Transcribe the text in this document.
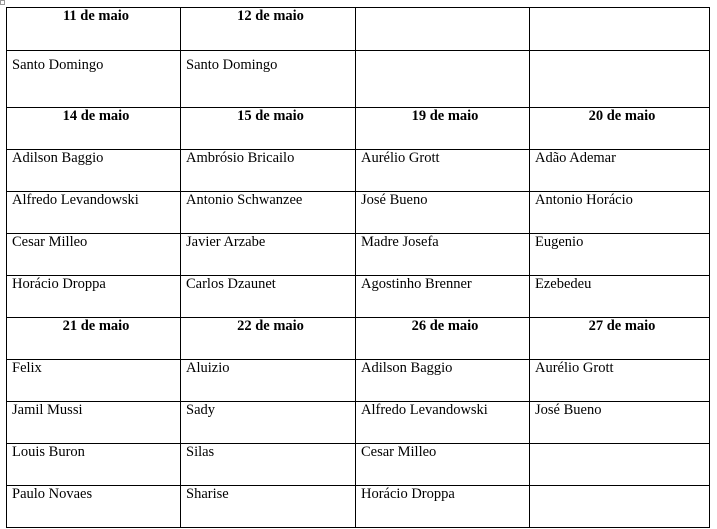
11 de maio	12 de maio		
Santo Domingo	Santo Domingo		
14 de maio	15 de maio	19 de maio	20 de maio
Adilson Baggio	Ambrósio Bricailo	Aurélio Grott	Adão Ademar
Alfredo Levandowski	Antonio Schwanzee	José Bueno	Antonio Horácio
Cesar Milleo	Javier Arzabe	Madre Josefa	Eugenio
Horácio Droppa	Carlos Dzaunet	Agostinho Brenner	Ezebedeu
21 de maio	22 de maio	26 de maio	27 de maio
Felix	Aluizio	Adilson Baggio	Aurélio Grott
Jamil Mussi	Sady	Alfredo Levandowski	José Bueno
Louis Buron	Silas	Cesar Milleo	
Paulo Novaes	Sharise	Horácio Droppa	
